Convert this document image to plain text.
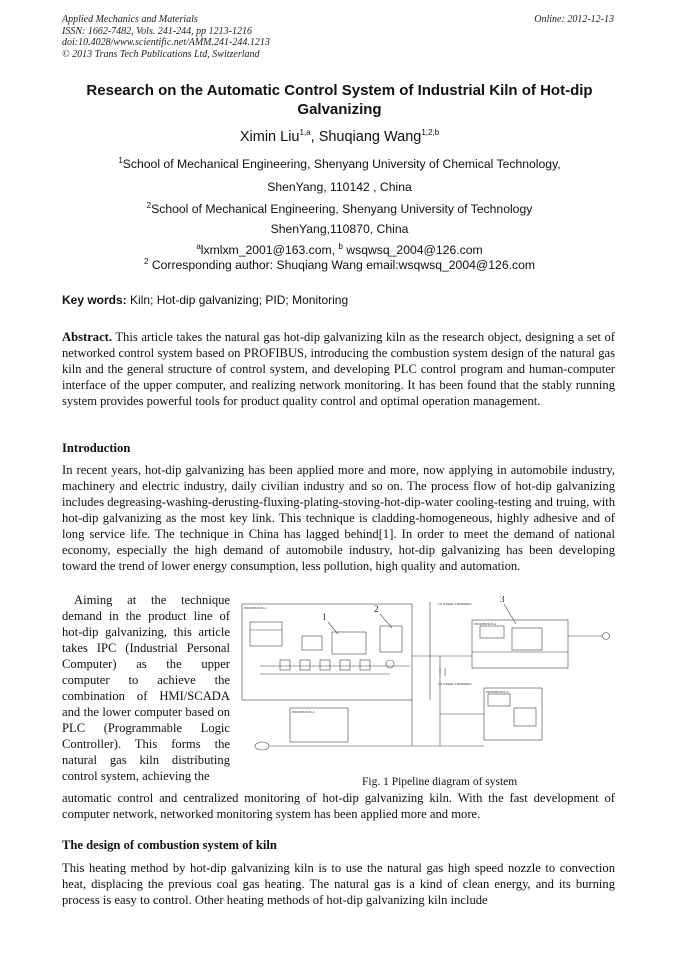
Applied Mechanics and Materials
ISSN: 1662-7482, Vols. 241-244, pp 1213-1216
doi:10.4028/www.scientific.net/AMM.241-244.1213
© 2013 Trans Tech Publications Ltd, Switzerland
Online: 2012-12-13
Research on the Automatic Control System of Industrial Kiln of Hot-dip Galvanizing
Ximin Liu$^{1,a}$, Shuqiang Wang$^{1,2,b}$
$^1$School of Mechanical Engineering, Shenyang University of Chemical Technology,
ShenYang, 110142 , China
$^2$School of Mechanical Engineering, Shenyang University of Technology
ShenYang,110870, China
$^a$lxmlxm_2001@163.com, $^b$ wsqwsq_2004@126.com
$^2$ Corresponding author: Shuqiang Wang email:wsqwsq_2004@126.com
Key words: Kiln; Hot-dip galvanizing; PID; Monitoring

Abstract. This article takes the natural gas hot-dip galvanizing kiln as the research object, designing a set of networked control system based on PROFIBUS, introducing the combustion system design of the natural gas kiln and the general structure of control system, and developing PLC control program and human-computer interface of the upper computer, and realizing network monitoring. It has been found that the stably running system provides powerful tools for product quality control and optimal operation management.

Introduction

In recent years, hot-dip galvanizing has been applied more and more, now applying in automobile industry, machinery and electric industry, daily civilian industry and so on. The process flow of hot-dip galvanizing includes degreasing-washing-derusting-fluxing-plating-stoving-hot-dip-water cooling-testing and truing, with hot-dip galvanizing as the most key link. This technique is cladding-homogeneous, highly adhesive and of long service life. The technique in China has lagged behind[1]. In order to meet the demand of national economy, especially the high demand of automobile industry, hot-dip galvanizing has been developing toward the trend of lower energy consumption, less pollution, high quality and automation.

Aiming at the technique demand in the product line of hot-dip galvanizing, this article takes IPC (Industrial Personal Computer) as the upper computer to achieve the combination of HMI/SCADA and the lower computer based on PLC (Programmable Logic Controller). This forms the natural gas kiln distributing control system, achieving the

PROFIBUS/TA-1
PROFIBUS/TA-2
PROFIBUS/TA-3
PROFIBUS/TA-4
TO OTHER 3 BURNERS
TO OTHER 3 BURNERS
1
2
3
Fig. 1 Pipeline diagram of system

automatic control and centralized monitoring of hot-dip galvanizing kiln. With the fast development of computer network, networked monitoring system has been applied more and more.

The design of combustion system of kiln

This heating method by hot-dip galvanizing kiln is to use the natural gas high speed nozzle to convection heat, displacing the previous coal gas heating. The natural gas is a kind of clean energy, and its burning process is easy to control. Other heating methods of hot-dip galvanizing kiln include
